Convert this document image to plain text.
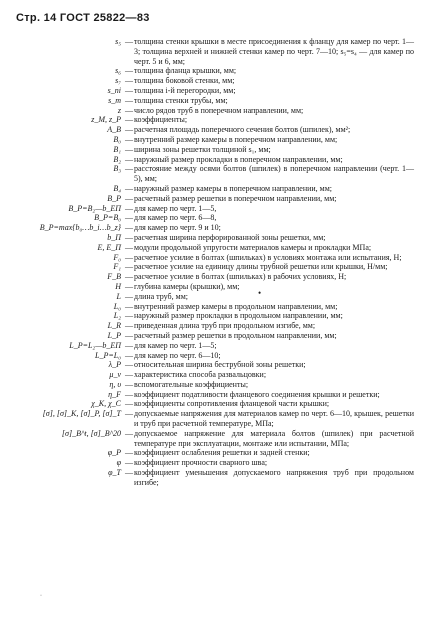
Стр. 14 ГОСТ 25822—83
s₅ — толщина стенки крышки в месте присоединения к фланцу для камер по черт. 1—3; толщина верхней и нижней стенки камер по черт. 7—10; s₅=s₄ — для камер по черт. 5 и 6, мм;
s₆ — толщина фланца крышки, мм;
s₇ — толщина боковой стенки, мм;
s_ni — толщина i-й перегородки, мм;
s_т — толщина стенки трубы, мм;
z — число рядов труб в поперечном направлении, мм;
z_M, z_P — коэффициенты;
A_B — расчетная площадь поперечного сечения болтов (шпилек), мм²;
B₀ — внутренний размер камеры в поперечном направлении, мм;
B₁ — ширина зоны решетки толщиной s₁, мм;
B₂ — наружный размер прокладки в поперечном направлении, мм;
B₃ — расстояние между осями болтов (шпилек) в поперечном направлении (черт. 1—5), мм;
B₄ — наружный размер камеры в поперечном направлении, мм;
B_P — расчетный размер решетки в поперечном направлении, мм;
B_P=B₂—b_ЕП — для камер по черт. 1—5,
B_P=B₀ — для камер по черт. 6—8,
B_P=max{b₀…b_i…b_z} — для камер по черт. 9 и 10;
b_П — расчетная ширина перфорированной зоны решетки, мм;
E, E_П — модули продольной упругости материалов камеры и прокладки МПа;
F₀ — расчетное усилие в болтах (шпильках) в условиях монтажа или испытания, Н;
F₁ — расчетное усилие на единицу длины трубной решетки или крышки, Н/мм;
F_B — расчетное усилие в болтах (шпильках) в рабочих условиях, Н;
H — глубина камеры (крышки), мм;
L — длина труб, мм;
L₀ — внутренний размер камеры в продольном направлении, мм;
L₂ — наружный размер прокладки в продольном направлении, мм;
L_R — приведенная длина труб при продольном изгибе, мм;
L_P — расчетный размер решетки в продольном направлении, мм;
L_P=L₂—b_ЕП — для камер по черт. 1—5;
L_P=L₀ — для камер по черт. 6—10;
λ_P — относительная ширина беструбной зоны решетки;
μ_v — характеристика способа развальцовки;
η, υ — вспомогательные коэффициенты;
η_F — коэффициент податливости фланцевого соединения крышки и решетки;
χ_K, χ_C — коэффициенты сопротивления фланцевой части крышки;
[σ], [σ]_K, [σ]_P, [σ]_T — допускаемые напряжения для материалов камер по черт. 6—10, крышек, решетки и труб при расчетной температуре, МПа;
[σ]_B^t, [σ]_B^20 — допускаемое напряжение для материала болтов (шпилек) при расчетной температуре при эксплуатации, монтаже или испытании, МПа;
φ_P — коэффициент ослабления решетки и задней стенки;
φ — коэффициент прочности сварного шва;
φ_T — коэффициент уменьшения допускаемого напряжения труб при продольном изгибе;
•
·
